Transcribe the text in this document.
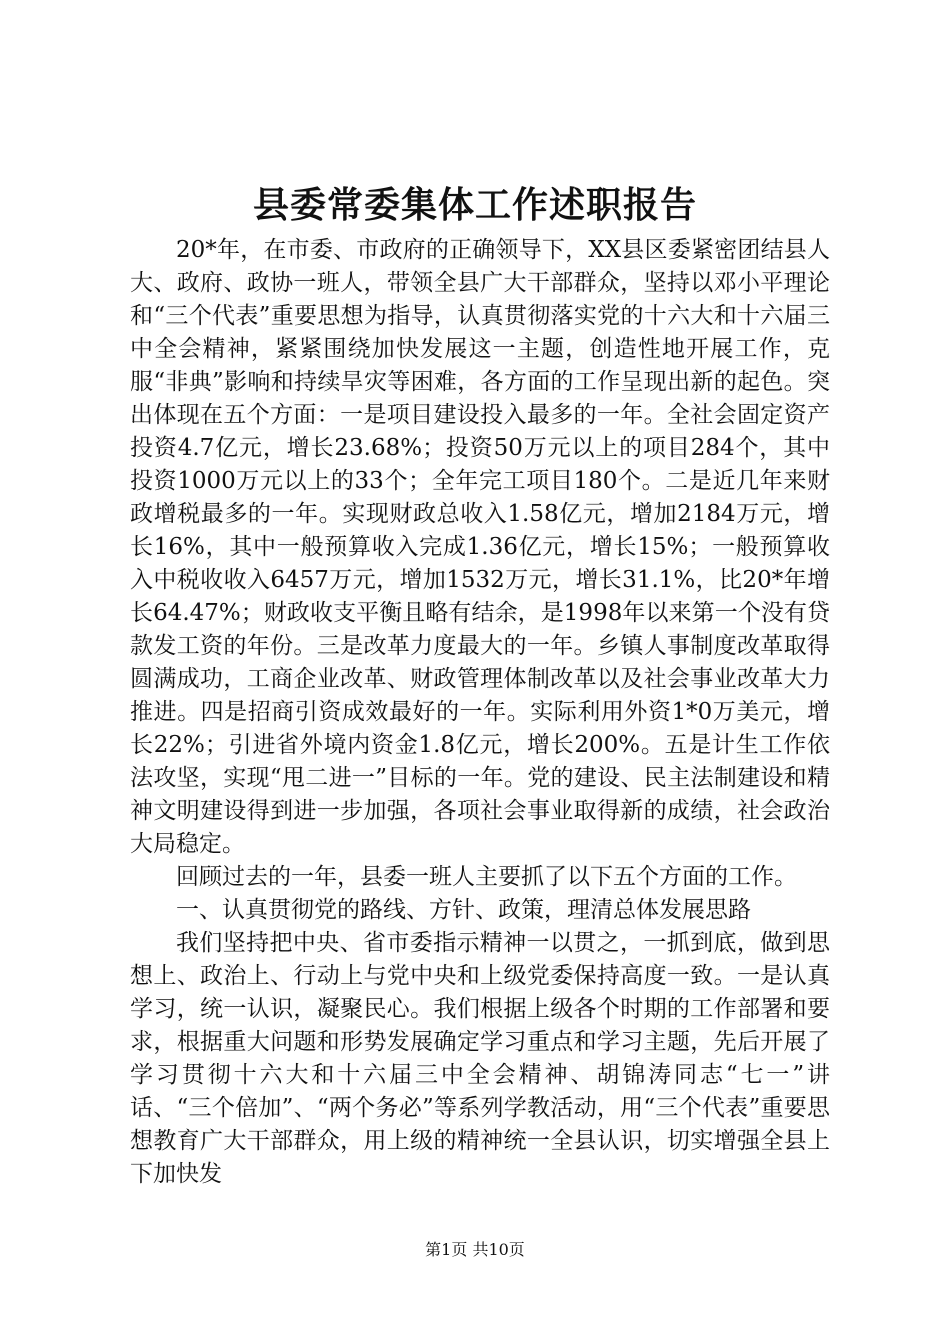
县委常委集体工作述职报告

20*年，在市委、市政府的正确领导下，XX县区委紧密团结县人大、政府、政协一班人，带领全县广大干部群众，坚持以邓小平理论和“三个代表”重要思想为指导，认真贯彻落实党的十六大和十六届三中全会精神，紧紧围绕加快发展这一主题，创造性地开展工作，克服“非典”影响和持续旱灾等困难，各方面的工作呈现出新的起色。突出体现在五个方面：一是项目建设投入最多的一年。全社会固定资产投资4.7亿元，增长23.68%；投资50万元以上的项目284个，其中投资1000万元以上的33个；全年完工项目180个。二是近几年来财政增税最多的一年。实现财政总收入1.58亿元，增加2184万元，增长16%，其中一般预算收入完成1.36亿元，增长15%；一般预算收入中税收收入6457万元，增加1532万元，增长31.1%，比20*年增长64.47%；财政收支平衡且略有结余，是1998年以来第一个没有贷款发工资的年份。三是改革力度最大的一年。乡镇人事制度改革取得圆满成功，工商企业改革、财政管理体制改革以及社会事业改革大力推进。四是招商引资成效最好的一年。实际利用外资1*0万美元，增长22%；引进省外境内资金1.8亿元，增长200%。五是计生工作依法攻坚，实现“甩二进一”目标的一年。党的建设、民主法制建设和精神文明建设得到进一步加强，各项社会事业取得新的成绩，社会政治大局稳定。

回顾过去的一年，县委一班人主要抓了以下五个方面的工作。

一、认真贯彻党的路线、方针、政策，理清总体发展思路

我们坚持把中央、省市委指示精神一以贯之，一抓到底，做到思想上、政治上、行动上与党中央和上级党委保持高度一致。一是认真学习，统一认识，凝聚民心。我们根据上级各个时期的工作部署和要求，根据重大问题和形势发展确定学习重点和学习主题，先后开展了学习贯彻十六大和十六届三中全会精神、胡锦涛同志“七一”讲话、“三个倍加”、“两个务必”等系列学教活动，用“三个代表”重要思想教育广大干部群众，用上级的精神统一全县认识，切实增强全县上下加快发

第1页 共10页
